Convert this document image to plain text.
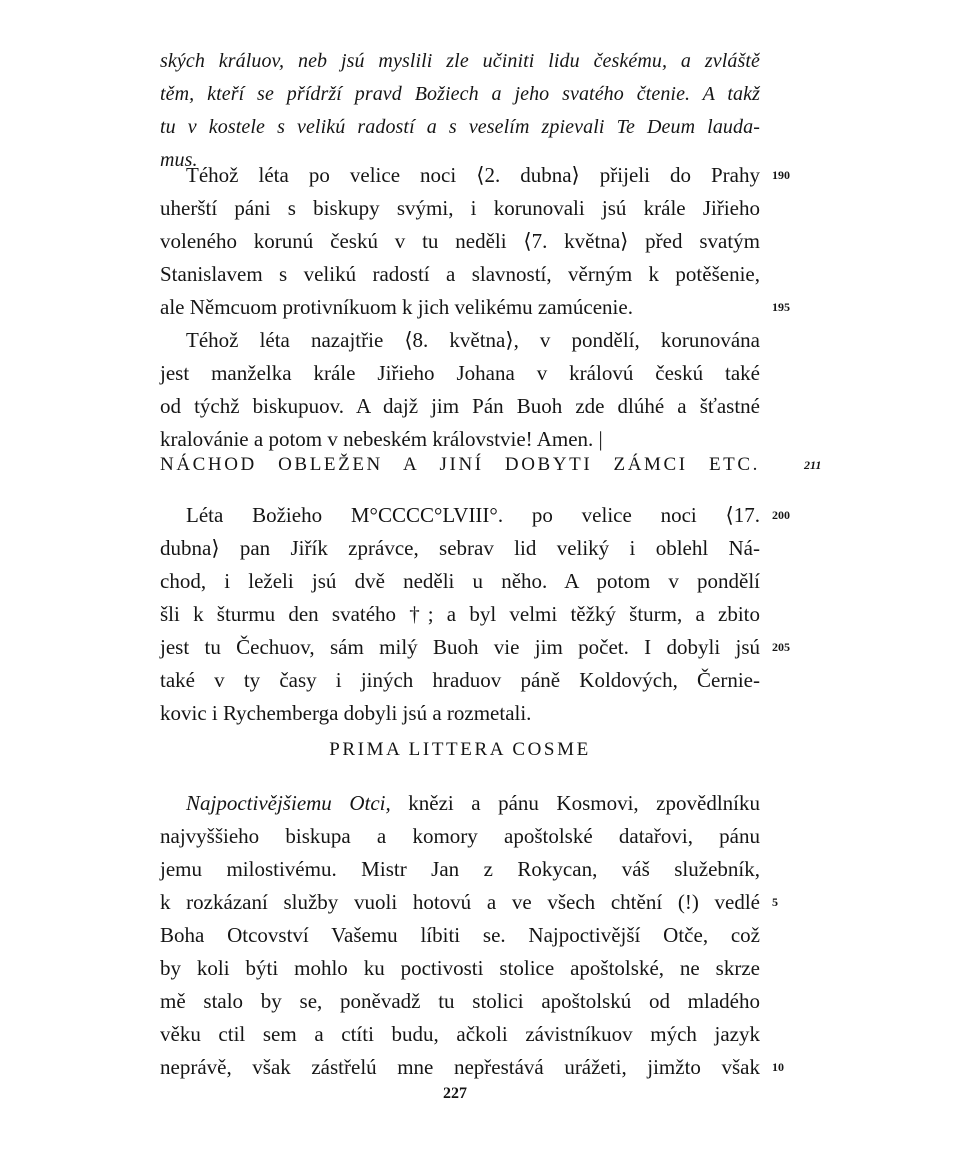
ských králuov, neb jsú myslili zle učiniti lidu českému, a zvláště
těm, kteří se přídrží pravd Božiech a jeho svatého čtenie. A takž
tu v kostele s velikú radostí a s veselím zpievali Te Deum lauda-
mus.
Téhož léta po velice noci ⟨2. dubna⟩ přijeli do Prahy
uherští páni s biskupy svými, i korunovali jsú krále Jiřieho
voleného korunú českú v tu neděli ⟨7. května⟩ před svatým
Stanislavem s velikú radostí a slavností, věrným k potěšenie,
ale Němcuom protivníkuom k jich velikému zamúcenie.
Téhož léta nazajtřie ⟨8. května⟩, v pondělí, korunována
jest manželka krále Jiřieho Johana v královú českú také
od týchž biskupuov. A dajž jim Pán Buoh zde dlúhé a šťastné
kralovánie a potom v nebeském královstvie! Amen. |
190
195
NÁCHOD OBLEŽEN A JINÍ DOBYTI ZÁMCI ETC.	211
Léta Božieho M°CCCC°LVIII°. po velice noci ⟨17.
dubna⟩ pan Jiřík zprávce, sebrav lid veliký i oblehl Ná-
chod, i leželi jsú dvě neděli u něho. A potom v pondělí
šli k šturmu den svatého †; a byl velmi těžký šturm, a zbito
jest tu Čechuov, sám milý Buoh vie jim počet. I dobyli jsú
také v ty časy i jiných hraduov páně Koldových, Černie-
kovic i Rychemberga dobyli jsú a rozmetali.
200
205
PRIMA LITTERA COSME
Najpoctivějšiemu Otci, knězi a pánu Kosmovi, zpovědlníku
najvyššieho biskupa a komory apoštolské datařovi, pánu
jemu milostivému. Mistr Jan z Rokycan, váš služebník,
k rozkázaní služby vuoli hotovú a ve všech chtění (!) vedlé
Boha Otcovství Vašemu líbiti se. Najpoctivější Otče, což
by koli býti mohlo ku poctivosti stolice apoštolské, ne skrze
mě stalo by se, poněvadž tu stolici apoštolskú od mladého
věku ctil sem a ctíti budu, ačkoli závistníkuov mých jazyk
neprávě, však zástřelú mne nepřestává urážeti, jimžto však
5
10
227
